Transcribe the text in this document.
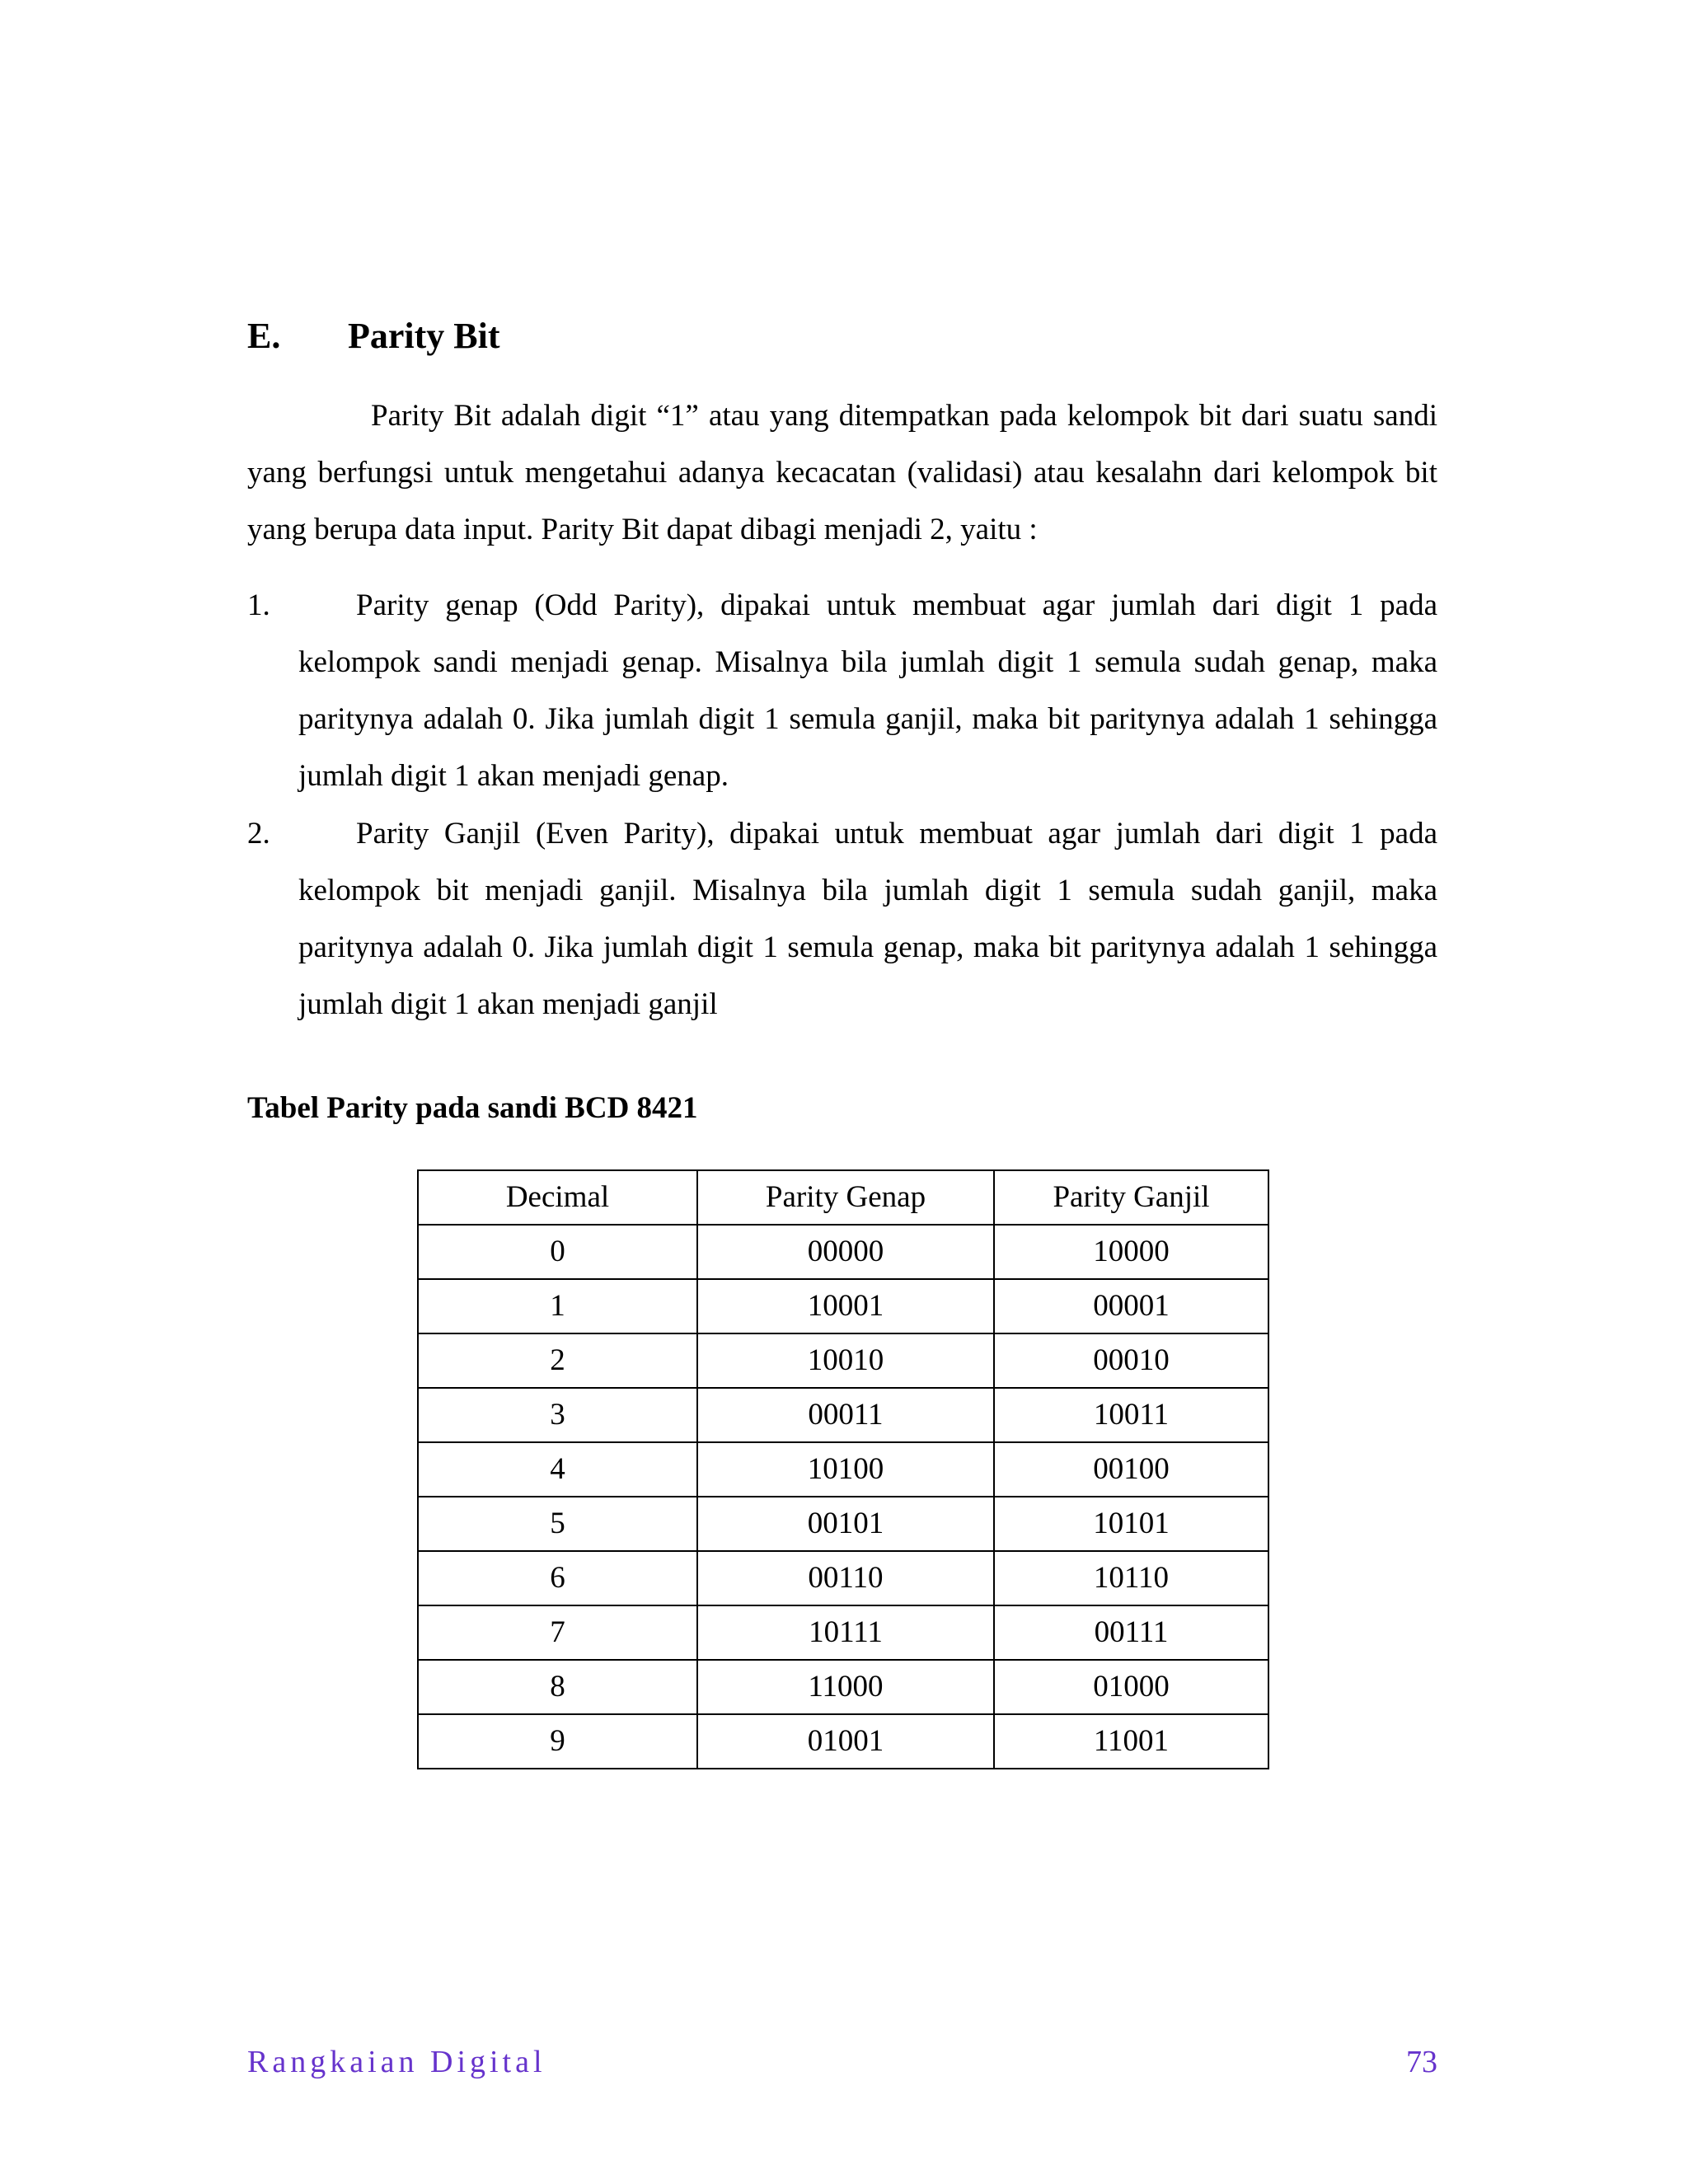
E. Parity Bit

Parity Bit adalah digit “1” atau yang ditempatkan pada kelompok bit dari suatu sandi yang berfungsi untuk mengetahui adanya kecacatan (validasi) atau kesalahn dari kelompok bit yang berupa data input. Parity Bit dapat dibagi menjadi 2, yaitu :

1.	Parity genap (Odd Parity), dipakai untuk membuat agar jumlah dari digit 1 pada kelompok sandi menjadi genap. Misalnya bila jumlah digit 1 semula sudah genap, maka paritynya adalah 0. Jika jumlah digit 1 semula ganjil, maka bit paritynya adalah 1 sehingga jumlah digit 1 akan menjadi genap.
2.	Parity Ganjil (Even Parity), dipakai untuk membuat agar jumlah dari digit 1 pada kelompok bit menjadi ganjil. Misalnya bila jumlah digit 1 semula sudah ganjil, maka paritynya adalah 0. Jika jumlah digit 1 semula genap, maka bit paritynya adalah 1 sehingga jumlah digit 1 akan menjadi ganjil
Tabel Parity pada sandi BCD 8421
Decimal	Parity Genap	Parity Ganjil
0	00000	10000
1	10001	00001
2	10010	00010
3	00011	10011
4	10100	00100
5	00101	10101
6	00110	10110
7	10111	00111
8	11000	01000
9	01001	11001
Rangkaian Digital	73
